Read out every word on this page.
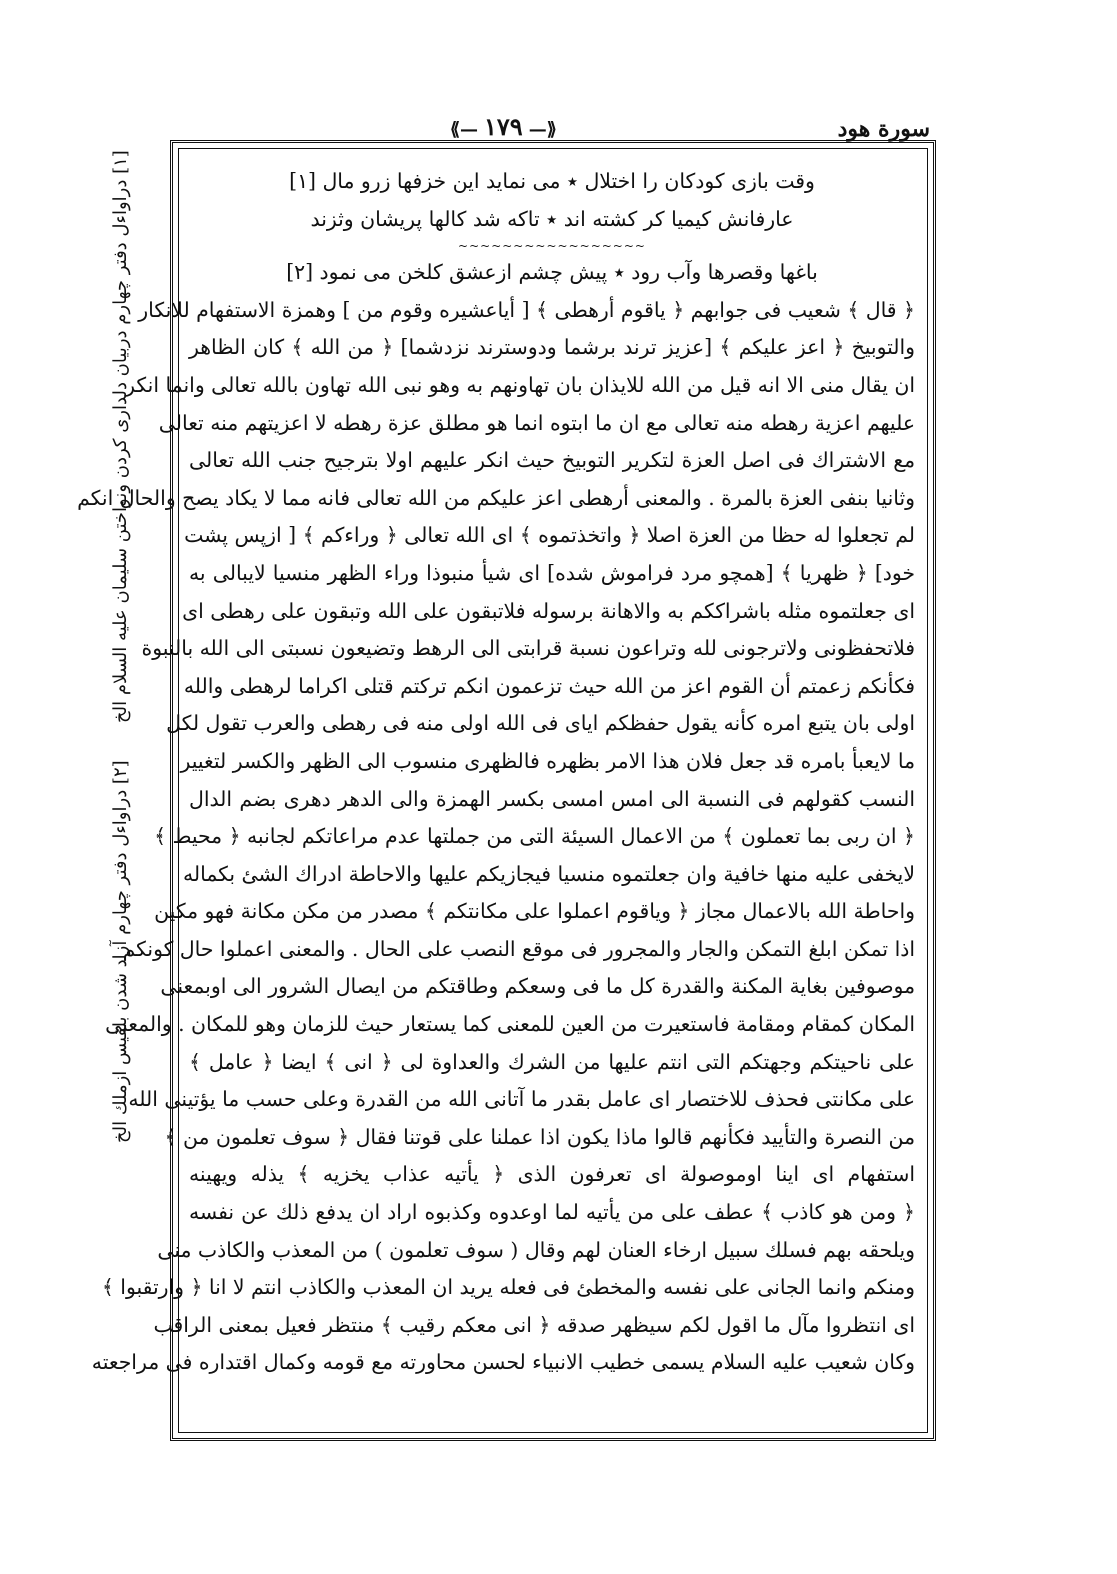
سورة هود
⟪— ١٧٩ —⟫
[١] دراواءل دفتر چهارم دربيان دلدارى كردن ونواختن سليمان عليه السلام الخ
[٢] دراواءل دفتر چهارم آزاد شدن بلقيس ازملك الخ
وقت بازى كودكان را اختلال ٭ مى نمايد اين خزفها زرو مال [١]
عارفانش كيميا كر كشته اند ٭ تاكه شد كالها پريشان وثزند
~~~~~~~~~~~~~~~~~
باغها وقصرها وآب رود ٭ پيش چشم ازعشق كلخن مى نمود [٢]
﴿ قال ﴾ شعيب فى جوابهم ﴿ ياقوم أرهطى ﴾ [ أياعشيره وقوم من ] وهمزة الاستفهام للانكار
والتوبيخ ﴿ اعز عليكم ﴾ [عزيز ترند برشما ودوسترند نزدشما] ﴿ من الله ﴾ كان الظاهر
ان يقال منى الا انه قيل من الله للايذان بان تهاونهم به وهو نبى الله تهاون بالله تعالى وانما انكر
عليهم اعزية رهطه منه تعالى مع ان ما ابتوه انما هو مطلق عزة رهطه لا اعزيتهم منه تعالى
مع الاشتراك فى اصل العزة لتكرير التوبيخ حيث انكر عليهم اولا بترجيح جنب الله تعالى
وثانيا بنفى العزة بالمرة . والمعنى أرهطى اعز عليكم من الله تعالى فانه مما لا يكاد يصح والحال انكم
لم تجعلوا له حظا من العزة اصلا ﴿ واتخذتموه ﴾ اى الله تعالى ﴿ وراءكم ﴾ [ ازپس پشت
خود] ﴿ ظهريا ﴾ [همچو مرد فراموش شده] اى شيأ منبوذا وراء الظهر منسيا لايبالى به
اى جعلتموه مثله باشراككم به والاهانة برسوله فلاتبقون على الله وتبقون على رهطى اى
فلاتحفظونى ولاترجونى لله وتراعون نسبة قرابتى الى الرهط وتضيعون نسبتى الى الله بالنبوة
فكأنكم زعمتم أن القوم اعز من الله حيث تزعمون انكم تركتم قتلى اكراما لرهطى والله
اولى بان يتبع امره كأنه يقول حفظكم اياى فى الله اولى منه فى رهطى والعرب تقول لكل
ما لايعبأ بامره قد جعل فلان هذا الامر بظهره فالظهرى منسوب الى الظهر والكسر لتغيير
النسب كقولهم فى النسبة الى امس امسى بكسر الهمزة والى الدهر دهرى بضم الدال
﴿ ان ربى بما تعملون ﴾ من الاعمال السيئة التى من جملتها عدم مراعاتكم لجانبه ﴿ محيط ﴾
لايخفى عليه منها خافية وان جعلتموه منسيا فيجازيكم عليها والاحاطة ادراك الشئ بكماله
واحاطة الله بالاعمال مجاز ﴿ وياقوم اعملوا على مكانتكم ﴾ مصدر من مكن مكانة فهو مكين
اذا تمكن ابلغ التمكن والجار والمجرور فى موقع النصب على الحال . والمعنى اعملوا حال كونكم
موصوفين بغاية المكنة والقدرة كل ما فى وسعكم وطاقتكم من ايصال الشرور الى اوبمعنى
المكان كمقام ومقامة فاستعيرت من العين للمعنى كما يستعار حيث للزمان وهو للمكان . والمعنى
على ناحيتكم وجهتكم التى انتم عليها من الشرك والعداوة لى ﴿ انى ﴾ ايضا ﴿ عامل ﴾
على مكانتى فحذف للاختصار اى عامل بقدر ما آتانى الله من القدرة وعلى حسب ما يؤتينى الله
من النصرة والتأييد فكأنهم قالوا ماذا يكون اذا عملنا على قوتنا فقال ﴿ سوف تعلمون من ﴾
استفهام اى اينا اوموصولة اى تعرفون الذى ﴿ يأتيه عذاب يخزيه ﴾ يذله ويهينه
﴿ ومن هو كاذب ﴾ عطف على من يأتيه لما اوعدوه وكذبوه اراد ان يدفع ذلك عن نفسه
ويلحقه بهم فسلك سبيل ارخاء العنان لهم وقال ( سوف تعلمون ) من المعذب والكاذب منى
ومنكم وانما الجانى على نفسه والمخطئ فى فعله يريد ان المعذب والكاذب انتم لا انا ﴿ وارتقبوا ﴾
اى انتظروا مآل ما اقول لكم سيظهر صدقه ﴿ انى معكم رقيب ﴾ منتظر فعيل بمعنى الراقب
وكان شعيب عليه السلام يسمى خطيب الانبياء لحسن محاورته مع قومه وكمال اقتداره فى مراجعته
